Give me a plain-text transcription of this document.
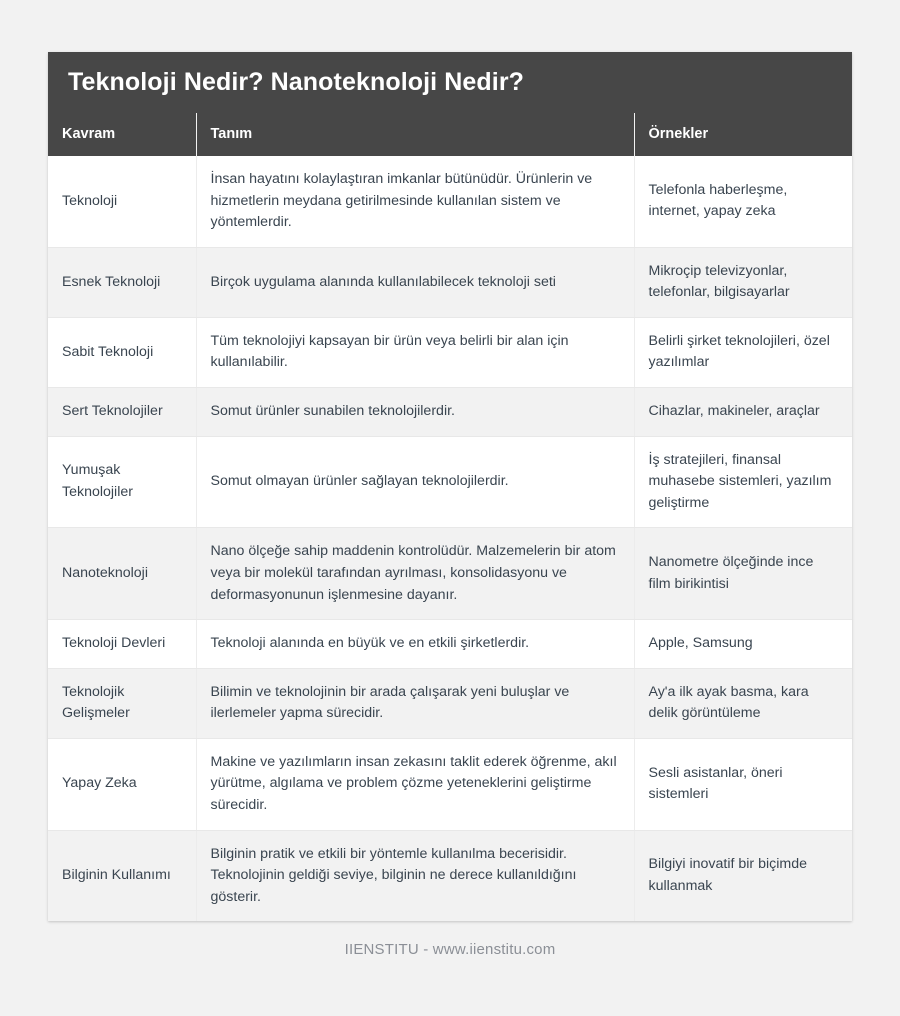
Teknoloji Nedir? Nanoteknoloji Nedir?
Kavram	Tanım	Örnekler
Teknoloji	İnsan hayatını kolaylaştıran imkanlar bütünüdür. Ürünlerin ve hizmetlerin meydana getirilmesinde kullanılan sistem ve yöntemlerdir.	Telefonla haberleşme, internet, yapay zeka
Esnek Teknoloji	Birçok uygulama alanında kullanılabilecek teknoloji seti	Mikroçip televizyonlar, telefonlar, bilgisayarlar
Sabit Teknoloji	Tüm teknolojiyi kapsayan bir ürün veya belirli bir alan için kullanılabilir.	Belirli şirket teknolojileri, özel yazılımlar
Sert Teknolojiler	Somut ürünler sunabilen teknolojilerdir.	Cihazlar, makineler, araçlar
Yumuşak Teknolojiler	Somut olmayan ürünler sağlayan teknolojilerdir.	İş stratejileri, finansal muhasebe sistemleri, yazılım geliştirme
Nanoteknoloji	Nano ölçeğe sahip maddenin kontrolüdür. Malzemelerin bir atom veya bir molekül tarafından ayrılması, konsolidasyonu ve deformasyonunun işlenmesine dayanır.	Nanometre ölçeğinde ince film birikintisi
Teknoloji Devleri	Teknoloji alanında en büyük ve en etkili şirketlerdir.	Apple, Samsung
Teknolojik Gelişmeler	Bilimin ve teknolojinin bir arada çalışarak yeni buluşlar ve ilerlemeler yapma sürecidir.	Ay'a ilk ayak basma, kara delik görüntüleme
Yapay Zeka	Makine ve yazılımların insan zekasını taklit ederek öğrenme, akıl yürütme, algılama ve problem çözme yeteneklerini geliştirme sürecidir.	Sesli asistanlar, öneri sistemleri
Bilginin Kullanımı	Bilginin pratik ve etkili bir yöntemle kullanılma becerisidir. Teknolojinin geldiği seviye, bilginin ne derece kullanıldığını gösterir.	Bilgiyi inovatif bir biçimde kullanmak
IIENSTITU - www.iienstitu.com
